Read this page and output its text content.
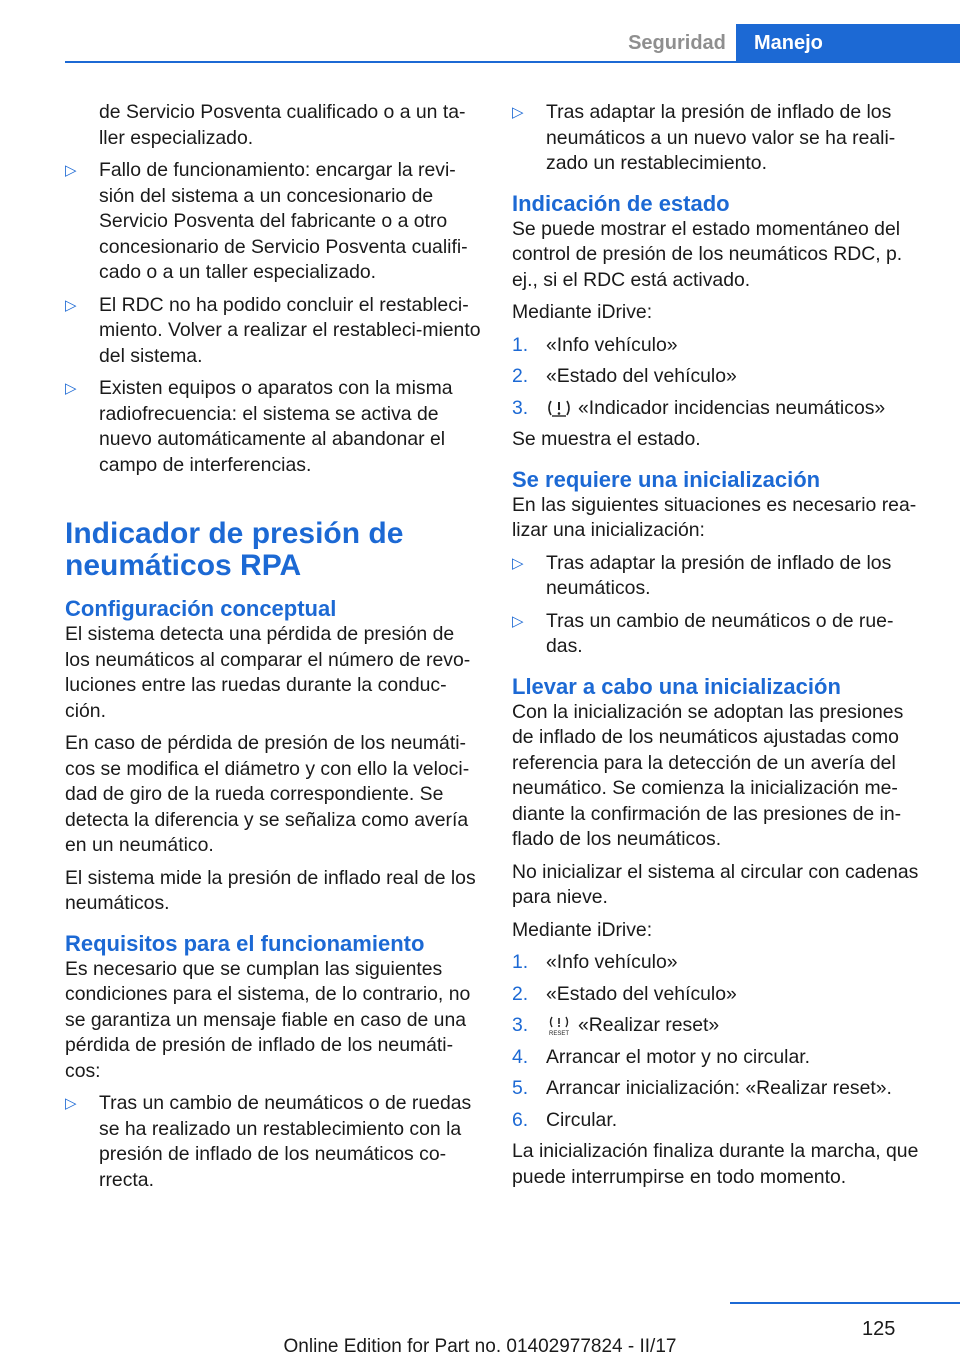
Seguridad	Manejo

de Servicio Posventa cualificado o a un ta-ller especializado.

▷	Fallo de funcionamiento: encargar la revi-sión del sistema a un concesionario de Servicio Posventa del fabricante o a otro concesionario de Servicio Posventa cualifi-cado o a un taller especializado.
▷	El RDC no ha podido concluir el restableci-miento. Volver a realizar el restableci-miento del sistema.
▷	Existen equipos o aparatos con la misma radiofrecuencia: el sistema se activa de nuevo automáticamente al abandonar el campo de interferencias.
Indicador de presión de neumáticos RPA
Configuración conceptual

El sistema detecta una pérdida de presión de los neumáticos al comparar el número de revo-luciones entre las ruedas durante la conduc-ción.

En caso de pérdida de presión de los neumáti-cos se modifica el diámetro y con ello la veloci-dad de giro de la rueda correspondiente. Se detecta la diferencia y se señaliza como avería en un neumático.

El sistema mide la presión de inflado real de los neumáticos.

Requisitos para el funcionamiento

Es necesario que se cumplan las siguientes condiciones para el sistema, de lo contrario, no se garantiza un mensaje fiable en caso de una pérdida de presión de inflado de los neumáti-cos:

▷	Tras un cambio de neumáticos o de ruedas se ha realizado un restablecimiento con la presión de inflado de los neumáticos co-rrecta.
▷	Tras adaptar la presión de inflado de los neumáticos a un nuevo valor se ha reali-zado un restablecimiento.
Indicación de estado

Se puede mostrar el estado momentáneo del control de presión de los neumáticos RDC, p. ej., si el RDC está activado.

Mediante iDrive:

1. «Info vehículo»
2. «Estado del vehículo»
3.	«Indicador incidencias neumáticos»

Se muestra el estado.

Se requiere una inicialización

En las siguientes situaciones es necesario rea-lizar una inicialización:

▷	Tras adaptar la presión de inflado de los neumáticos.
▷	Tras un cambio de neumáticos o de rue-das.
Llevar a cabo una inicialización

Con la inicialización se adoptan las presiones de inflado de los neumáticos ajustadas como referencia para la detección de un avería del neumático. Se comienza la inicialización me-diante la confirmación de las presiones de in-flado de los neumáticos.

No inicializar el sistema al circular con cadenas para nieve.

Mediante iDrive:

1. «Info vehículo»
2. «Estado del vehículo»
3.	RESET «Realizar reset»
4. Arrancar el motor y no circular.
5. Arrancar inicialización: «Realizar reset».
6. Circular.

La inicialización finaliza durante la marcha, que puede interrumpirse en todo momento.

125
Online Edition for Part no. 01402977824 - II/17
